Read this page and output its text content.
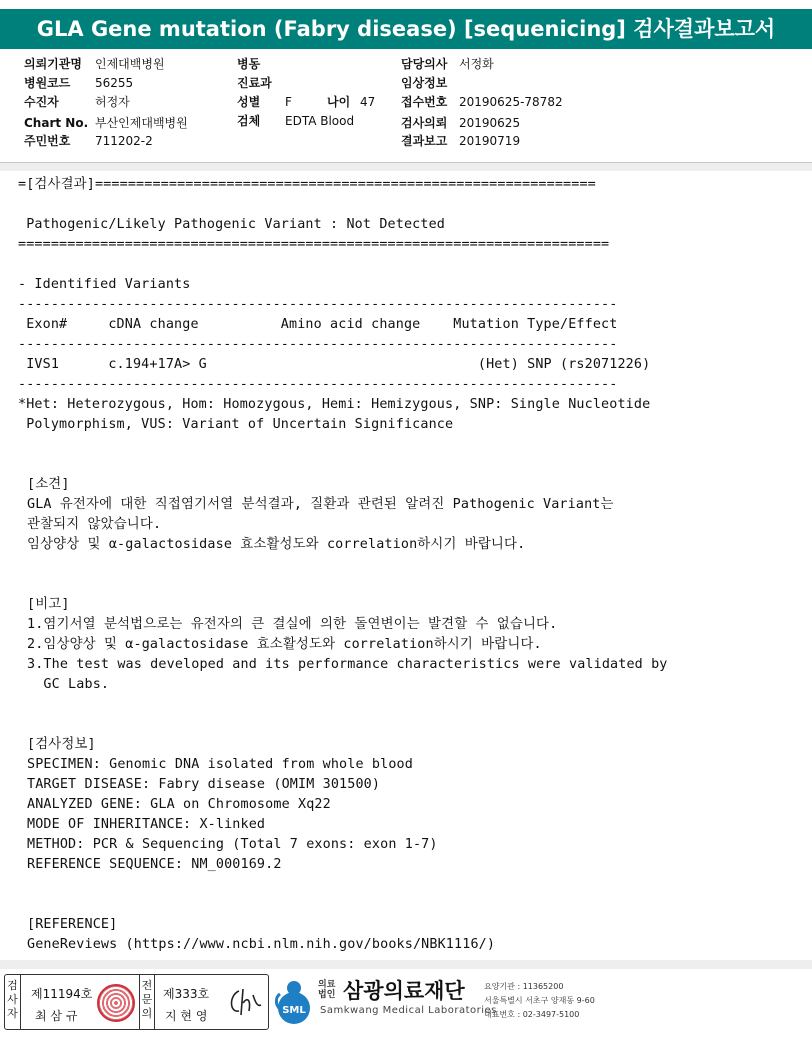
GLA Gene mutation (Fabry disease) [sequenicing] 검사결과보고서
의뢰기관명 인제대백병원
병원코드 56255
수진자	허정자
Chart No. 부산인제대백병원
주민번호 711202-2
병동
진료과
성별 F	나이 47
검체 EDTA Blood
담당의사 서정화
임상정보
접수번호 20190625-78782
검사의뢰 20190625
결과보고 20190719
=[검사결과]=============================================================
Pathogenic/Likely Pathogenic Variant : Not Detected
========================================================================
- Identified Variants
-------------------------------------------------------------------------
Exon#     cDNA change          Amino acid change    Mutation Type/Effect
-------------------------------------------------------------------------
IVS1      c.194+17A> G                                 (Het) SNP (rs2071226)
-------------------------------------------------------------------------
*Het: Heterozygous, Hom: Homozygous, Hemi: Hemizygous, SNP: Single Nucleotide
Polymorphism, VUS: Variant of Uncertain Significance
[소견]
GLA 유전자에 대한 직접염기서열 분석결과, 질환과 관련된 알려진 Pathogenic Variant는
관찰되지 않았습니다.
임상양상 및 α-galactosidase 효소활성도와 correlation하시기 바랍니다.
[비고]
1.염기서열 분석법으로는 유전자의 큰 결실에 의한 돌연변이는 발견할 수 없습니다.
2.임상양상 및 α-galactosidase 효소활성도와 correlation하시기 바랍니다.
3.The test was developed and its performance characteristics were validated by
GC Labs.
[검사정보]
SPECIMEN: Genomic DNA isolated from whole blood
TARGET DISEASE: Fabry disease (OMIM 301500)
ANALYZED GENE: GLA on Chromosome Xq22
MODE OF INHERITANCE: X-linked
METHOD: PCR & Sequencing (Total 7 exons: exon 1-7)
REFERENCE SEQUENCE: NM_000169.2
[REFERENCE]
GeneReviews (https://www.ncbi.nlm.nih.gov/books/NBK1116/)
검사자
제11194호
최 삼 규
전문의
제333호
지 현 영	SML
의료법인 삼광의료재단
Samkwang Medical Laboratories
요양기관 : 11365200
서울특별시 서초구 양재동 9-60
대표번호 : 02-3497-5100
